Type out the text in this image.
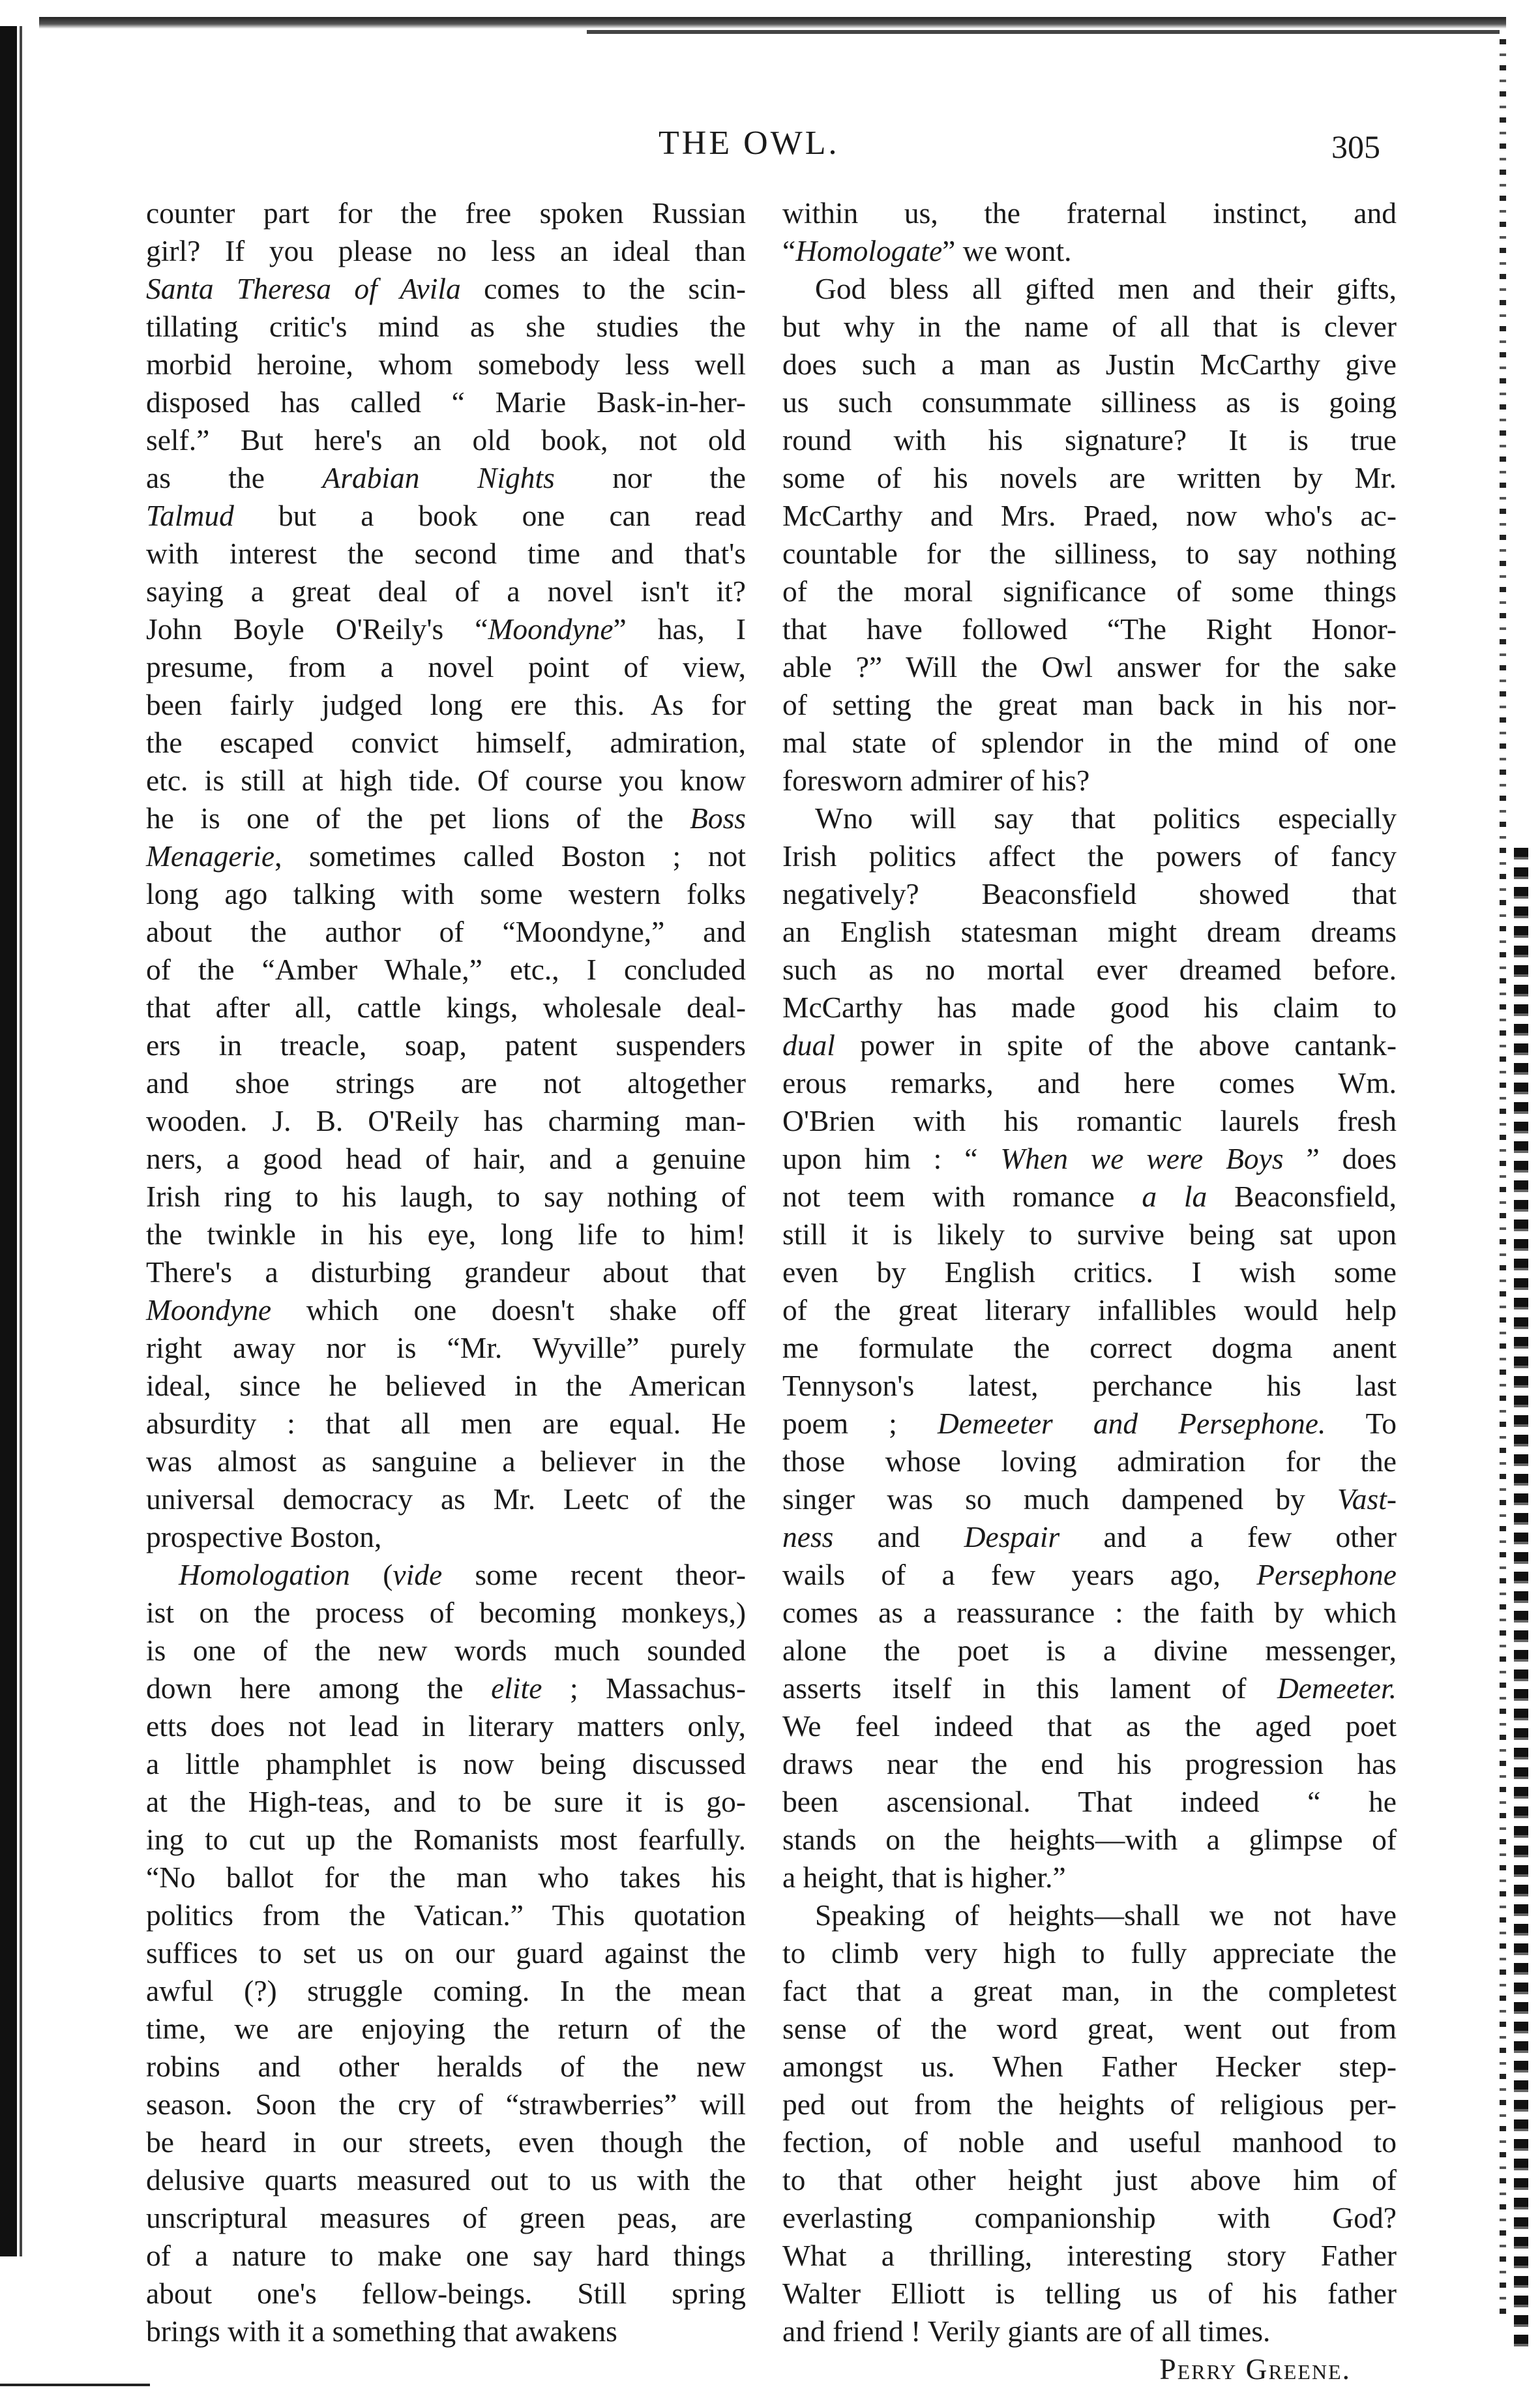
THE OWL.	305
counter part for the free spoken Russian
girl? If you please no less an ideal than
Santa Theresa of Avila comes to the scin-
tillating critic's mind as she studies the
morbid heroine, whom somebody less well
disposed has called “ Marie Bask-in-her-
self.” But here's an old book, not old
as the Arabian Nights nor the
Talmud but a book one can read
with interest the second time and that's
saying a great deal of a novel isn't it?
John Boyle O'Reily's “Moondyne” has, I
presume, from a novel point of view,
been fairly judged long ere this. As for
the escaped convict himself, admiration,
etc. is still at high tide. Of course you know
he is one of the pet lions of the Boss
Menagerie, sometimes called Boston ; not
long ago talking with some western folks
about the author of “Moondyne,” and
of the “Amber Whale,” etc., I concluded
that after all, cattle kings, wholesale deal-
ers in treacle, soap, patent suspenders
and shoe strings are not altogether
wooden. J. B. O'Reily has charming man-
ners, a good head of hair, and a genuine
Irish ring to his laugh, to say nothing of
the twinkle in his eye, long life to him!
There's a disturbing grandeur about that
Moondyne which one doesn't shake off
right away nor is “Mr. Wyville” purely
ideal, since he believed in the American
absurdity : that all men are equal. He
was almost as sanguine a believer in the
universal democracy as Mr. Leetc of the
prospective Boston,
Homologation (vide some recent theor-
ist on the process of becoming monkeys,)
is one of the new words much sounded
down here among the elite ; Massachus-
etts does not lead in literary matters only,
a little phamphlet is now being discussed
at the High-teas, and to be sure it is go-
ing to cut up the Romanists most fearfully.
“No ballot for the man who takes his
politics from the Vatican.” This quotation
suffices to set us on our guard against the
awful (?) struggle coming. In the mean
time, we are enjoying the return of the
robins and other heralds of the new
season. Soon the cry of “strawberries” will
be heard in our streets, even though the
delusive quarts measured out to us with the
unscriptural measures of green peas, are
of a nature to make one say hard things
about one's fellow-beings. Still spring
brings with it a something that awakens
within us, the fraternal instinct, and
“Homologate” we wont.
God bless all gifted men and their gifts,
but why in the name of all that is clever
does such a man as Justin McCarthy give
us such consummate silliness as is going
round with his signature? It is true
some of his novels are written by Mr.
McCarthy and Mrs. Praed, now who's ac-
countable for the silliness, to say nothing
of the moral significance of some things
that have followed “The Right Honor-
able ?” Will the Owl answer for the sake
of setting the great man back in his nor-
mal state of splendor in the mind of one
foresworn admirer of his?
Wno will say that politics especially
Irish politics affect the powers of fancy
negatively? Beaconsfield showed that
an English statesman might dream dreams
such as no mortal ever dreamed before.
McCarthy has made good his claim to
dual power in spite of the above cantank-
erous remarks, and here comes Wm.
O'Brien with his romantic laurels fresh
upon him : “ When we were Boys ” does
not teem with romance a la Beaconsfield,
still it is likely to survive being sat upon
even by English critics. I wish some
of the great literary infallibles would help
me formulate the correct dogma anent
Tennyson's latest, perchance his last
poem ; Demeeter and Persephone. To
those whose loving admiration for the
singer was so much dampened by Vast-
ness and Despair and a few other
wails of a few years ago, Persephone
comes as a reassurance : the faith by which
alone the poet is a divine messenger,
asserts itself in this lament of Demeeter.
We feel indeed that as the aged poet
draws near the end his progression has
been ascensional. That indeed “ he
stands on the heights—with a glimpse of
a height, that is higher.”
Speaking of heights—shall we not have
to climb very high to fully appreciate the
fact that a great man, in the completest
sense of the word great, went out from
amongst us. When Father Hecker step-
ped out from the heights of religious per-
fection, of noble and useful manhood to
to that other height just above him of
everlasting companionship with God?
What a thrilling, interesting story Father
Walter Elliott is telling us of his father
and friend ! Verily giants are of all times.
Perry Greene.
